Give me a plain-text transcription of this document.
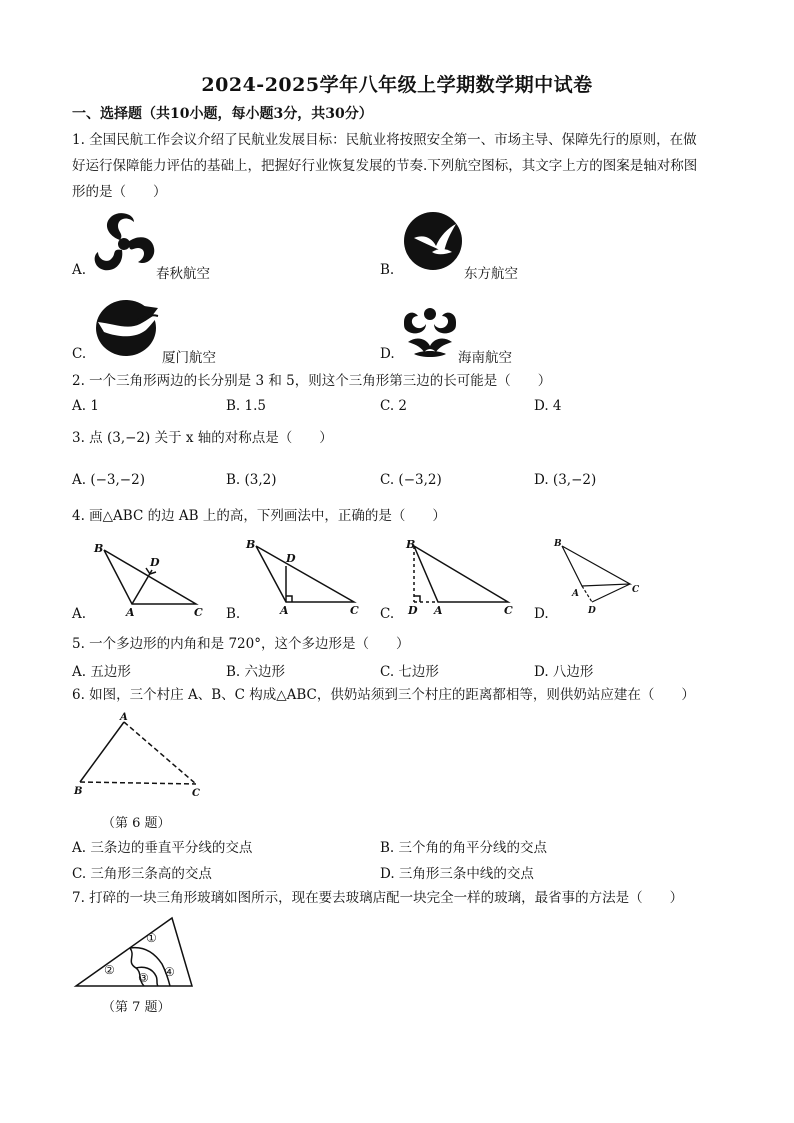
2024-2025学年八年级上学期数学期中试卷
一、选择题（共10小题，每小题3分，共30分）
1. 全国民航工作会议介绍了民航业发展目标：民航业将按照安全第一、市场主导、保障先行的原则，在做
好运行保障能力评估的基础上，把握好行业恢复发展的节奏.下列航空图标，其文字上方的图案是轴对称图
形的是（　　）
A.	春秋航空	B.	东方航空
C.	厦门航空	D.	海南航空
2. 一个三角形两边的长分别是 3 和 5，则这个三角形第三边的长可能是（　　）
A. 1	B. 1.5	C. 2	D. 4
3. 点 (3,−2) 关于 x 轴的对称点是（　　）
A. (−3,−2)	B. (3,2)	C. (−3,2)	D. (3,−2)
4. 画△ABC 的边 AB 上的高，下列画法中，正确的是（　　）
A.
B
D
A	C B.
B
D
A	C C.
B
D A	C D.
B
A
D
C
5. 一个多边形的内角和是 720°，这个多边形是（　　）
A. 五边形	B. 六边形	C. 七边形	D. 八边形
6. 如图，三个村庄 A、B、C 构成△ABC，供奶站须到三个村庄的距离都相等，则供奶站应建在（　　）
A
B	C
（第 6 题）
A. 三条边的垂直平分线的交点	B. 三个角的角平分线的交点
C. 三角形三条高的交点	D. 三角形三条中线的交点
7. 打碎的一块三角形玻璃如图所示，现在要去玻璃店配一块完全一样的玻璃，最省事的方法是（　　）
①
②
③ ④
（第 7 题）
